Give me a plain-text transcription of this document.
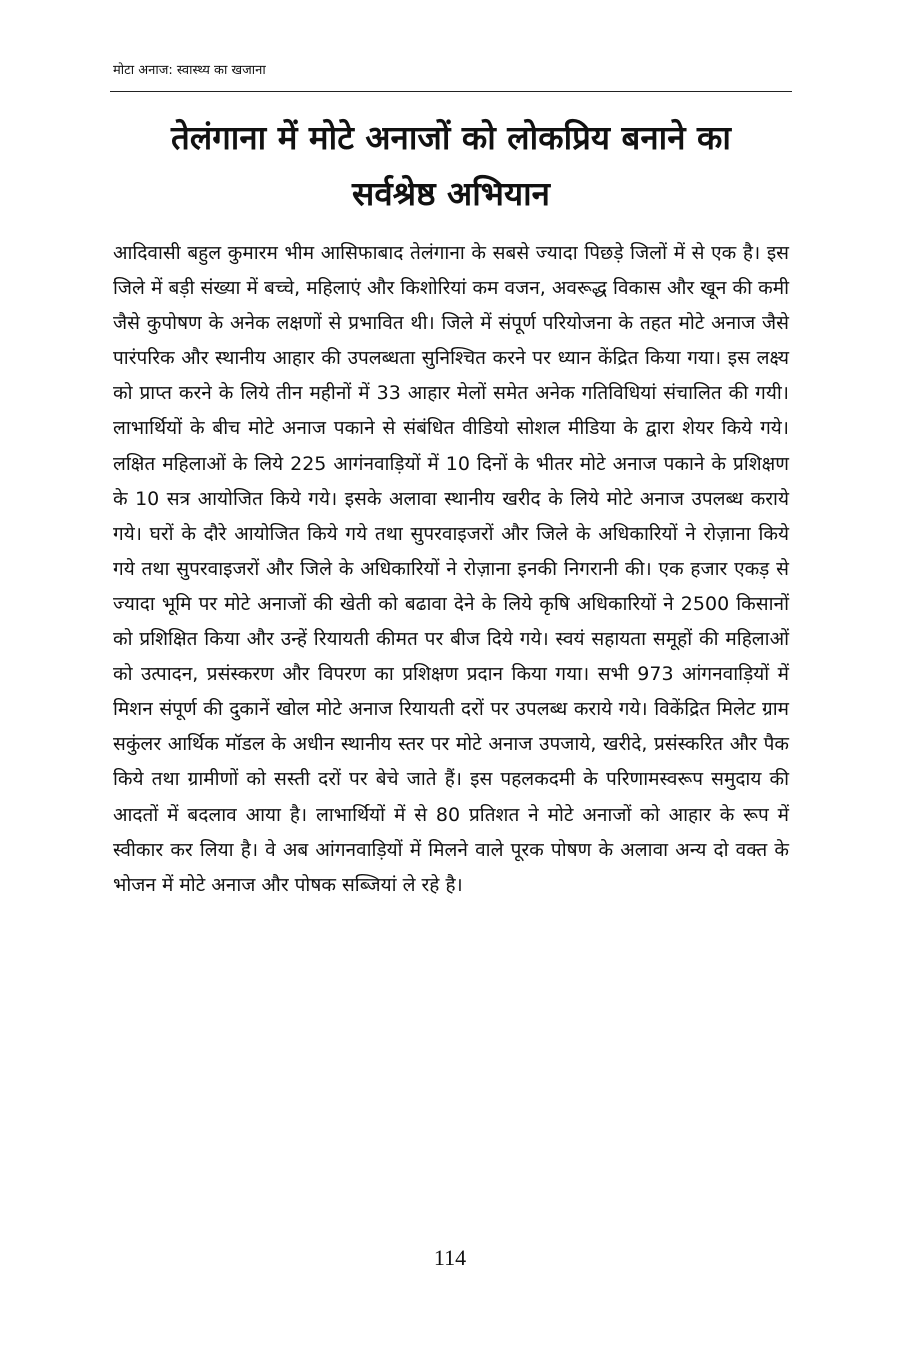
मोटा अनाज: स्वास्थ्य का खजाना
तेलंगाना में मोटे अनाजों को लोकप्रिय बनाने का
सर्वश्रेष्ठ अभियान

आदिवासी बहुल कुमारम भीम आसिफाबाद तेलंगाना के सबसे ज्यादा पिछड़े जिलों में से एक है। इस जिले में बड़ी संख्या में बच्चे, महिलाएं और किशोरियां कम वजन, अवरूद्ध विकास और खून की कमी जैसे कुपोषण के अनेक लक्षणों से प्रभावित थी। जिले में संपूर्ण परियोजना के तहत मोटे अनाज जैसे पारंपरिक और स्थानीय आहार की उपलब्धता सुनिश्चित करने पर ध्यान केंद्रित किया गया। इस लक्ष्य को प्राप्त करने के लिये तीन महीनों में 33 आहार मेलों समेत अनेक गतिविधियां संचालित की गयी। लाभार्थियों के बीच मोटे अनाज पकाने से संबंधित वीडियो सोशल मीडिया के द्वारा शेयर किये गये। लक्षित महिलाओं के लिये 225 आगंनवाड़ियों में 10 दिनों के भीतर मोटे अनाज पकाने के प्रशिक्षण के 10 सत्र आयोजित किये गये। इसके अलावा स्थानीय खरीद के लिये मोटे अनाज उपलब्ध कराये गये। घरों के दौरे आयोजित किये गये तथा सुपरवाइजरों और जिले के अधिकारियों ने रोज़ाना किये गये तथा सुपरवाइजरों और जिले के अधिकारियों ने रोज़ाना इनकी निगरानी की। एक हजार एकड़ से ज्यादा भूमि पर मोटे अनाजों की खेती को बढावा देने के लिये कृषि अधिकारियों ने 2500 किसानों को प्रशिक्षित किया और उन्हें रियायती कीमत पर बीज दिये गये। स्वयं सहायता समूहों की महिलाओं को उत्पादन, प्रसंस्करण और विपरण का प्रशिक्षण प्रदान किया गया। सभी 973 आंगनवाड़ियों में मिशन संपूर्ण की दुकानें खोल मोटे अनाज रियायती दरों पर उपलब्ध कराये गये। विकेंद्रित मिलेट ग्राम सकुंलर आर्थिक मॉडल के अधीन स्थानीय स्तर पर मोटे अनाज उपजाये, खरीदे, प्रसंस्करित और पैक किये तथा ग्रामीणों को सस्ती दरों पर बेचे जाते हैं। इस पहलकदमी के परिणामस्वरूप समुदाय की आदतों में बदलाव आया है। लाभार्थियों में से 80 प्रतिशत ने मोटे अनाजों को आहार के रूप में स्वीकार कर लिया है। वे अब आंगनवाड़ियों में मिलने वाले पूरक पोषण के अलावा अन्य दो वक्त के भोजन में मोटे अनाज और पोषक सब्जियां ले रहे है।

114
